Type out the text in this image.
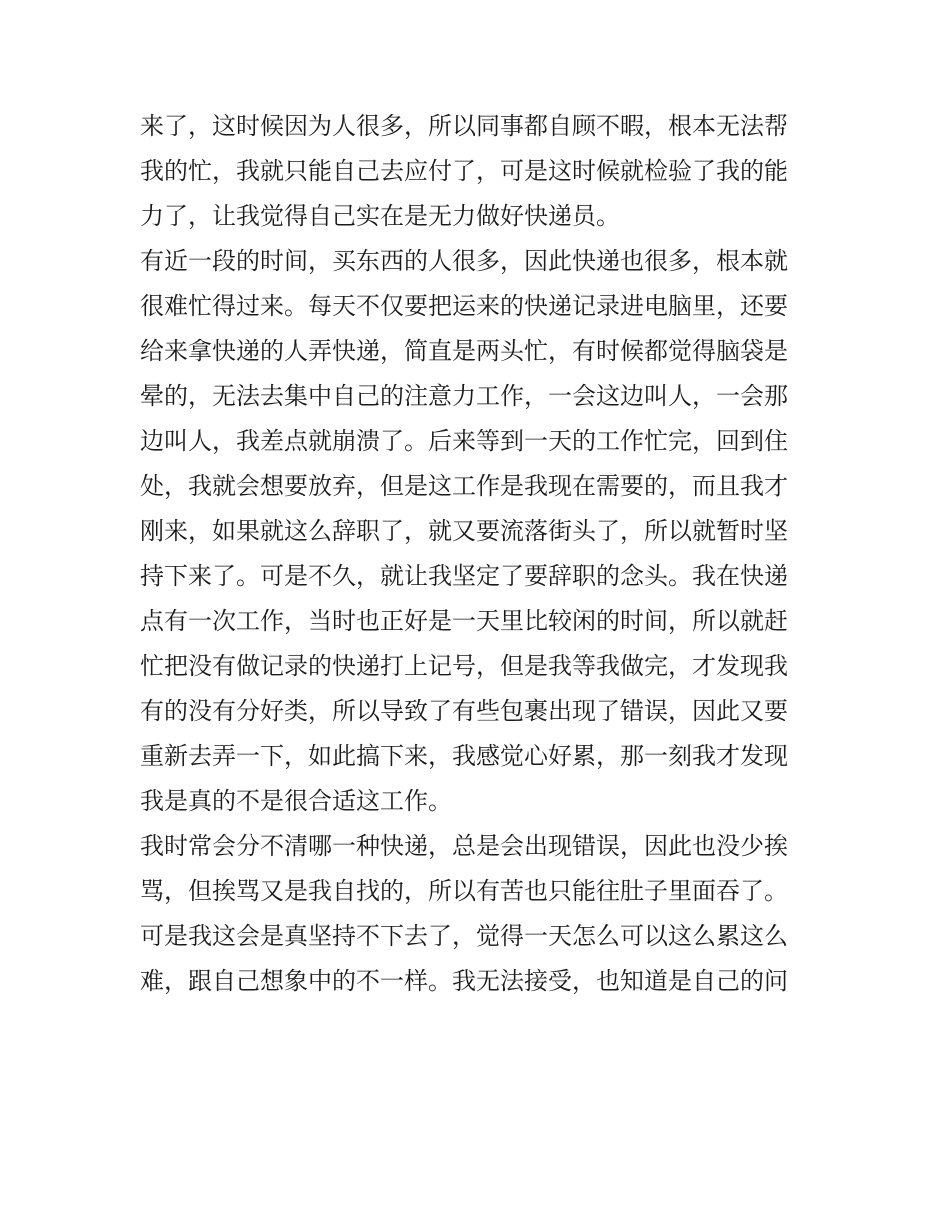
来了，这时候因为人很多，所以同事都自顾不暇，根本无法帮
我的忙，我就只能自己去应付了，可是这时候就检验了我的能
力了，让我觉得自己实在是无力做好快递员。
有近一段的时间，买东西的人很多，因此快递也很多，根本就
很难忙得过来。每天不仅要把运来的快递记录进电脑里，还要
给来拿快递的人弄快递，简直是两头忙，有时候都觉得脑袋是
晕的，无法去集中自己的注意力工作，一会这边叫人，一会那
边叫人，我差点就崩溃了。后来等到一天的工作忙完，回到住
处，我就会想要放弃，但是这工作是我现在需要的，而且我才
刚来，如果就这么辞职了，就又要流落街头了，所以就暂时坚
持下来了。可是不久，就让我坚定了要辞职的念头。我在快递
点有一次工作，当时也正好是一天里比较闲的时间，所以就赶
忙把没有做记录的快递打上记号，但是我等我做完，才发现我
有的没有分好类，所以导致了有些包裹出现了错误，因此又要
重新去弄一下，如此搞下来，我感觉心好累，那一刻我才发现
我是真的不是很合适这工作。
我时常会分不清哪一种快递，总是会出现错误，因此也没少挨
骂，但挨骂又是我自找的，所以有苦也只能往肚子里面吞了。
可是我这会是真坚持不下去了，觉得一天怎么可以这么累这么
难，跟自己想象中的不一样。我无法接受，也知道是自己的问
